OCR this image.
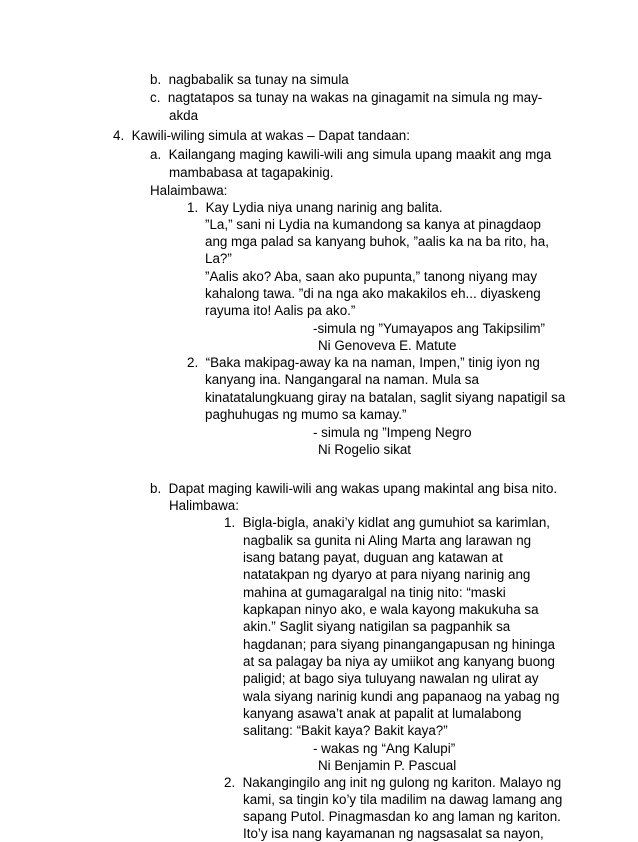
b.  nagbabalik sa tunay na simula
c.  nagtatapos sa tunay na wakas na ginagamit na simula ng may-
akda
4.  Kawili-wiling simula at wakas – Dapat tandaan:
a.  Kailangang maging kawili-wili ang simula upang maakit ang mga
mambabasa at tagapakinig.
Halaimbawa:
1.  Kay Lydia niya unang narinig ang balita.
”La,” sani ni Lydia na kumandong sa kanya at pinagdaop
ang mga palad sa kanyang buhok, ”aalis ka na ba rito, ha,
La?”
”Aalis ako? Aba, saan ako pupunta,” tanong niyang may
kahalong tawa. ”di na nga ako makakilos eh... diyaskeng
rayuma ito! Aalis pa ako.”
-simula ng ”Yumayapos ang Takipsilim”
Ni Genoveva E. Matute
2.  “Baka makipag-away ka na naman, Impen,” tinig iyon ng
kanyang ina. Nangangaral na naman. Mula sa
kinatatalungkuang giray na batalan, saglit siyang napatigil sa
paghuhugas ng mumo sa kamay.”
- simula ng ”Impeng Negro
Ni Rogelio sikat
b.  Dapat maging kawili-wili ang wakas upang makintal ang bisa nito.
Halimbawa:
1.  Bigla-bigla, anaki’y kidlat ang gumuhiot sa karimlan,
nagbalik sa gunita ni Aling Marta ang larawan ng
isang batang payat, duguan ang katawan at
natatakpan ng dyaryo at para niyang narinig ang
mahina at gumagaralgal na tinig nito: “maski
kapkapan ninyo ako, e wala kayong makukuha sa
akin.” Saglit siyang natigilan sa pagpanhik sa
hagdanan; para siyang pinangangapusan ng hininga
at sa palagay ba niya ay umiikot ang kanyang buong
paligid; at bago siya tuluyang nawalan ng ulirat ay
wala siyang narinig kundi ang papanaog na yabag ng
kanyang asawa’t anak at papalit at lumalabong
salitang: “Bakit kaya? Bakit kaya?”
- wakas ng “Ang Kalupi”
Ni Benjamin P. Pascual
2.  Nakangingilo ang init ng gulong ng kariton. Malayo ng
kami, sa tingin ko’y tila madilim na dawag lamang ang
sapang Putol. Pinagmasdan ko ang laman ng kariton.
Ito’y isa nang kayamanan ng nagsasalat sa nayon,
